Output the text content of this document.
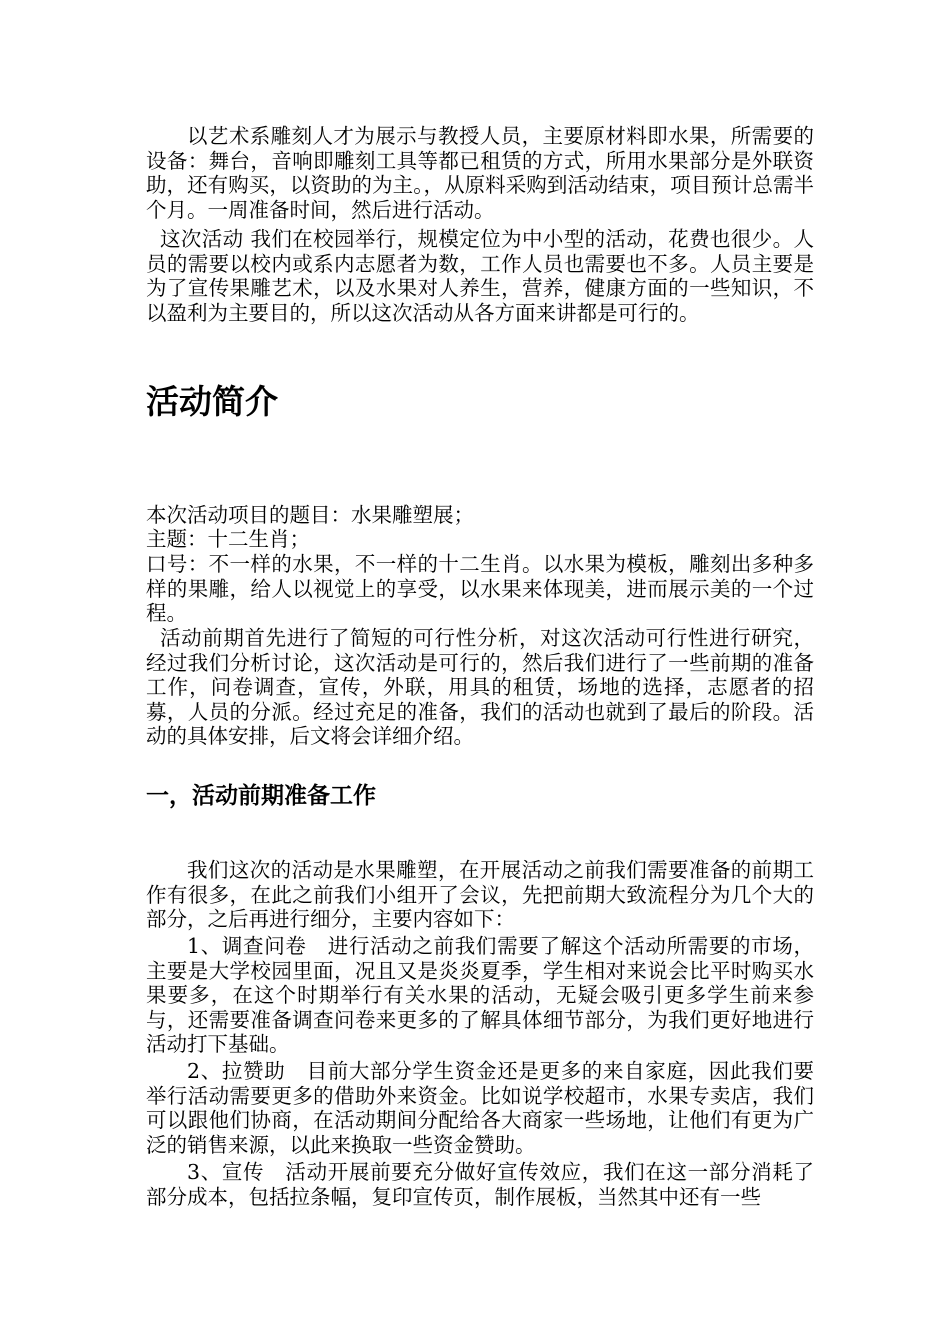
以艺术系雕刻人才为展示与教授人员，主要原材料即水果，所需要的设备：舞台，音响即雕刻工具等都已租赁的方式，所用水果部分是外联资助，还有购买，以资助的为主。，从原料采购到活动结束，项目预计总需半个月。一周准备时间，然后进行活动。

这次活动 我们在校园举行，规模定位为中小型的活动，花费也很少。人员的需要以校内或系内志愿者为数，工作人员也需要也不多。人员主要是为了宣传果雕艺术，以及水果对人养生，营养，健康方面的一些知识，不以盈利为主要目的，所以这次活动从各方面来讲都是可行的。

活动简介

本次活动项目的题目：水果雕塑展；

主题：十二生肖；

口号：不一样的水果，不一样的十二生肖。以水果为模板，雕刻出多种多样的果雕，给人以视觉上的享受，以水果来体现美，进而展示美的一个过程。

活动前期首先进行了简短的可行性分析，对这次活动可行性进行研究，经过我们分析讨论，这次活动是可行的，然后我们进行了一些前期的准备工作，问卷调查，宣传，外联，用具的租赁，场地的选择，志愿者的招募，人员的分派。经过充足的准备，我们的活动也就到了最后的阶段。活动的具体安排，后文将会详细介绍。

一，活动前期准备工作

我们这次的活动是水果雕塑，在开展活动之前我们需要准备的前期工作有很多，在此之前我们小组开了会议，先把前期大致流程分为几个大的部分，之后再进行细分，主要内容如下：

1、调查问卷　进行活动之前我们需要了解这个活动所需要的市场，主要是大学校园里面，况且又是炎炎夏季，学生相对来说会比平时购买水果要多，在这个时期举行有关水果的活动，无疑会吸引更多学生前来参与，还需要准备调查问卷来更多的了解具体细节部分，为我们更好地进行活动打下基础。

2、拉赞助　目前大部分学生资金还是更多的来自家庭，因此我们要举行活动需要更多的借助外来资金。比如说学校超市，水果专卖店，我们可以跟他们协商，在活动期间分配给各大商家一些场地，让他们有更为广泛的销售来源，以此来换取一些资金赞助。

3、宣传　活动开展前要充分做好宣传效应，我们在这一部分消耗了部分成本，包括拉条幅，复印宣传页，制作展板，当然其中还有一些
